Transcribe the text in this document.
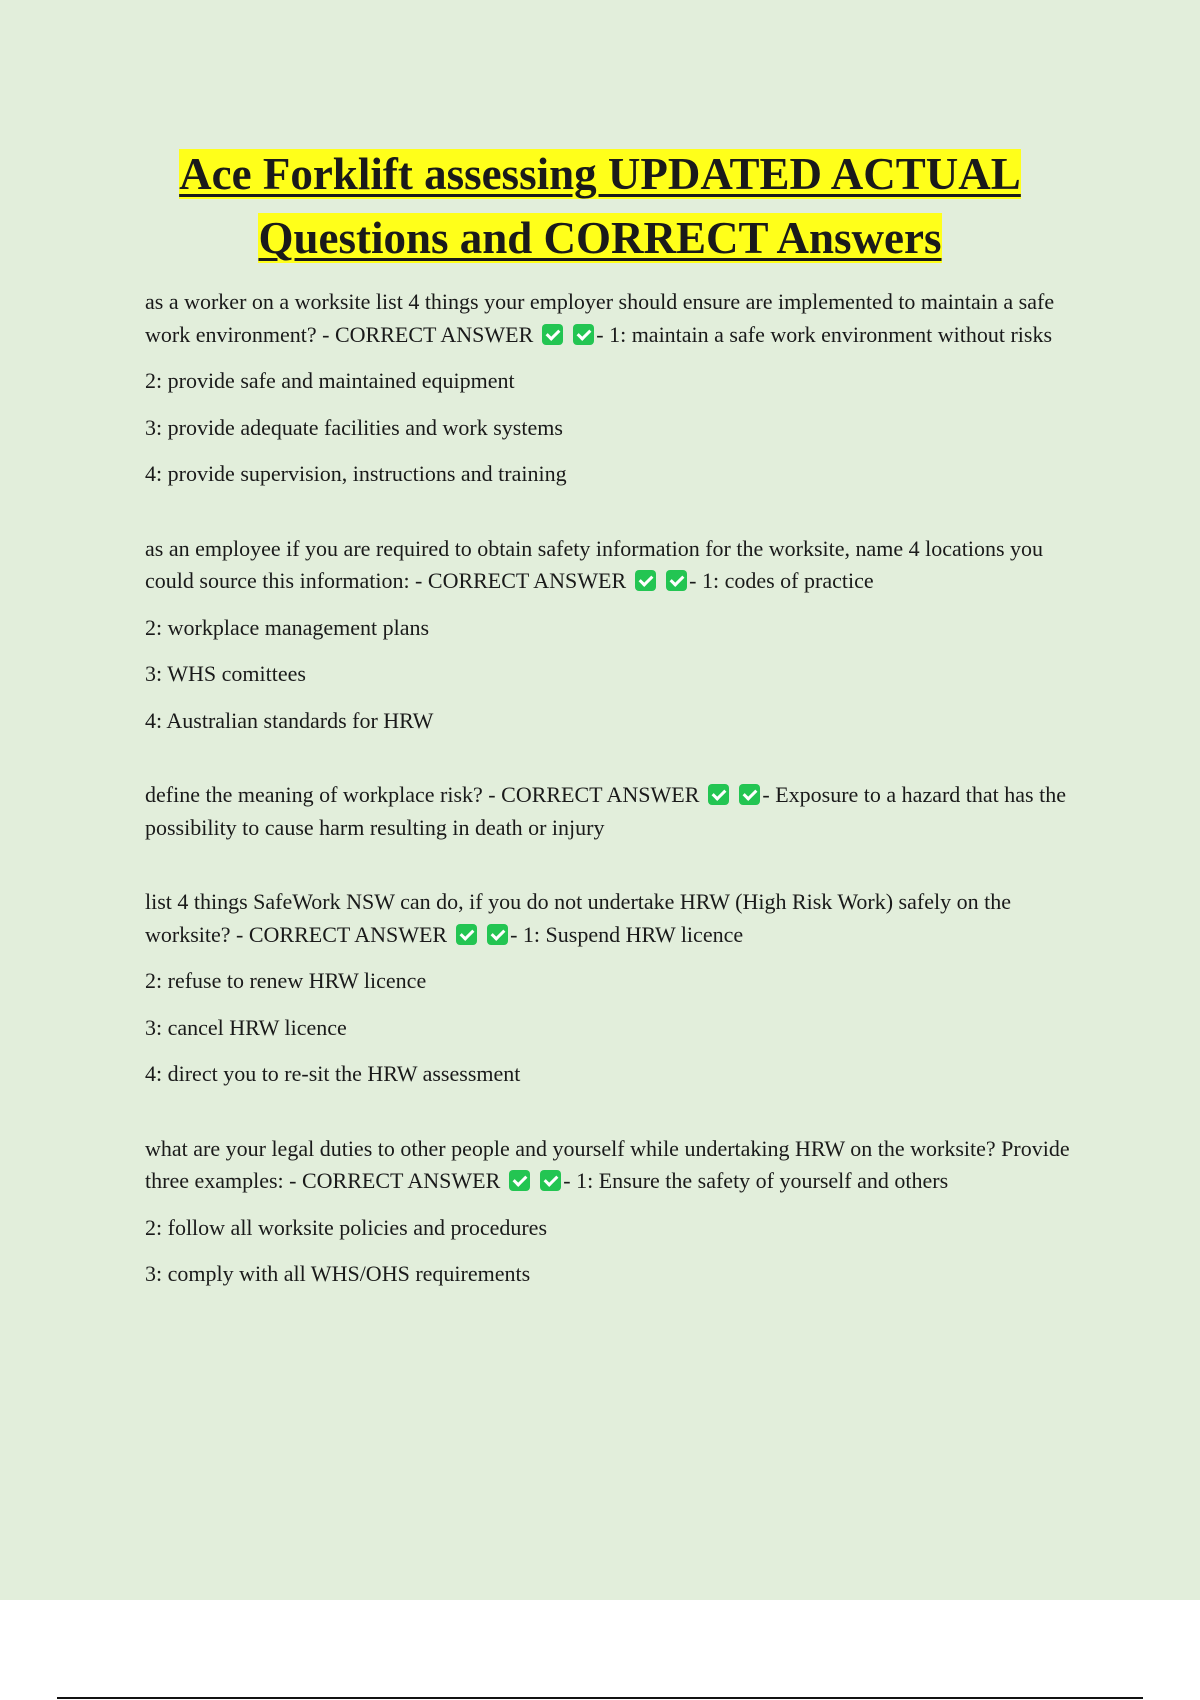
Ace Forklift assessing UPDATED ACTUAL
Questions and CORRECT Answers

as a worker on a worksite list 4 things your employer should ensure are implemented to maintain a safe work environment? - CORRECT ANSWER	- 1: maintain a safe work environment without risks

2: provide safe and maintained equipment

3: provide adequate facilities and work systems

4: provide supervision, instructions and training

as an employee if you are required to obtain safety information for the worksite, name 4 locations you could source this information: - CORRECT ANSWER	- 1: codes of practice

2: workplace management plans

3: WHS comittees

4: Australian standards for HRW

define the meaning of workplace risk? - CORRECT ANSWER	- Exposure to a hazard that has the possibility to cause harm resulting in death or injury

list 4 things SafeWork NSW can do, if you do not undertake HRW (High Risk Work) safely on the worksite? - CORRECT ANSWER	- 1: Suspend HRW licence

2: refuse to renew HRW licence

3: cancel HRW licence

4: direct you to re-sit the HRW assessment

what are your legal duties to other people and yourself while undertaking HRW on the worksite? Provide three examples: - CORRECT ANSWER	- 1: Ensure the safety of yourself and others

2: follow all worksite policies and procedures

3: comply with all WHS/OHS requirements
